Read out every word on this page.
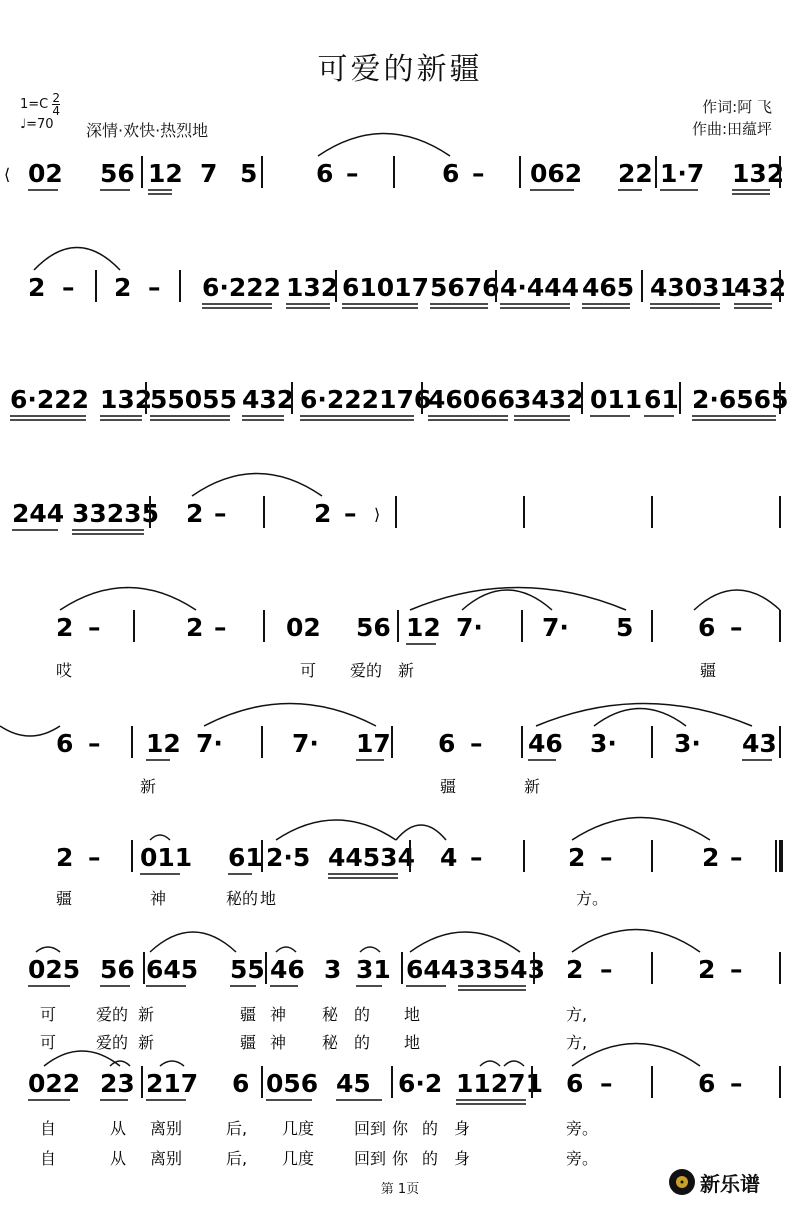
可爱的新疆
$1=C \frac{2}{4}$
♩=70	深情·欢快·热烈地
作词:阿 飞
作曲:田蕴坪
02 56 12 7 5 6 –	6 – 062 22 1·7 132
2 – 2 – 6·222 132 61017 5676 4·444 465 43031
432
6·222 132
55055 432 6·222176
46066 3432 011 61 2·6565
244 33235 2 –	2 –
2 –	2 – 02 56 12 7· 7· 5	6 –
6 – 12 7·	7· 17 6 – 46 3· 3· 43
2 – 011 61 2·5 44534 4 –	2 –	2 –
025 56 645 55 46 3 31 644 33543 2 –	2 –
022 23 217 6 056 45 6·2 11271 6 –	6 –
⟨
⟩
哎	可 爱的 新	疆
新	疆	新
疆	神	秘的 地	方。
可 爱的 新	疆 神 秘 的 地	方,
可 爱的 新	疆 神 秘 的 地	方,
自	从 离别	后, 几度 回到 你 的 身	旁。
自	从 离别	后, 几度 回到 你 的 身	旁。
第 1页	新乐谱
